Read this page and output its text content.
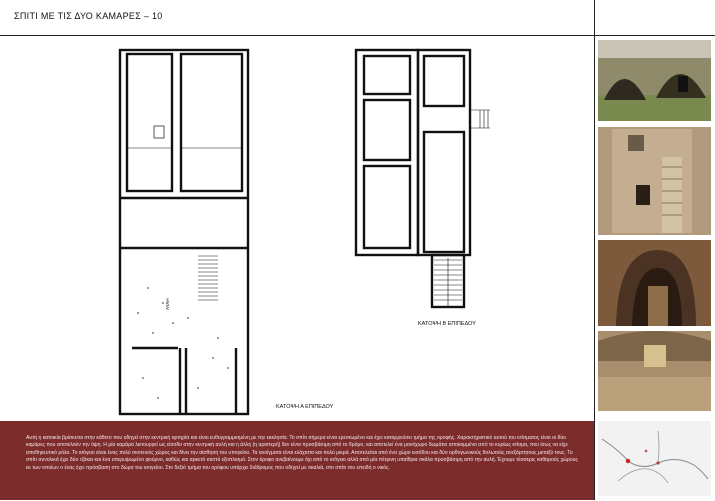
ΣΠΙΤΙ ΜΕ ΤΙΣ ΔΥΟ ΚΑΜΑΡΕΣ – 10
ΑΥΛΗ
ΚΑΤΟΨΗ Α ΕΠΙΠΕΔΟΥ
ΚΑΤΟΨΗ Β ΕΠΙΠΕΔΟΥ

Αυτή η κατοικία βρίσκεται στην κάθετο που οδηγεί στην κεντρική αρτηρία και είναι ευθυγραμμισμένη με την εκκλησία. Το σπίτι σήμερα είναι ερειπωμένο και έχει καταρρεύσει τμήμα της οροφής. Χαρακτηριστικό αυτού του κτίσματος είναι οι δύο καμάρες που αποτελούν την όψη. Η μία καμάρα λειτουργεί ως είσοδο στην κεντρική αυλή και η άλλη (η αριστερή) δεν είναι προσβάσιμη από το δρόμο, και αποτελεί ένα μονόχωρο δωμάτιο αποκομμένο από το κυρίως κτίσμα, που ίσως να είχε αποθηκευτικό ρόλο. Το ισόγειο είναι ένας πολύ σκοτεινός χώρος και δίνει την αίσθηση του υπογείου. Τα ανοίγματα είναι ελάχιστα και πολύ μικρά. Αποτελείται από ένα χώρο εισόδου και δύο ορθογωνικούς θολωτούς ανεξάρτητους μεταξύ τους. Το σπίτι συνολικά έχει δύο τζάκια και ένα υπερυψωμένο φούρνο, καθώς και αρκετό κτιστό εξοπλισμό. Στον όροφο ανεβαίνουμε όχι από το ισόγειο αλλά από μία πέτρινη υπαίθρια σκάλα προσβάσιμη από την αυλή. Έχουμε τέσσερις καθαρούς χώρους εκ των οποίων ο ένας έχει πρόσβαση στο δώμα του ισογείου. Στο δεξιό τμήμα του ορόφου υπάρχει διάδρομος που οδηγεί με σκαλιά, στο σπίτι του επειδή ο νικός.
